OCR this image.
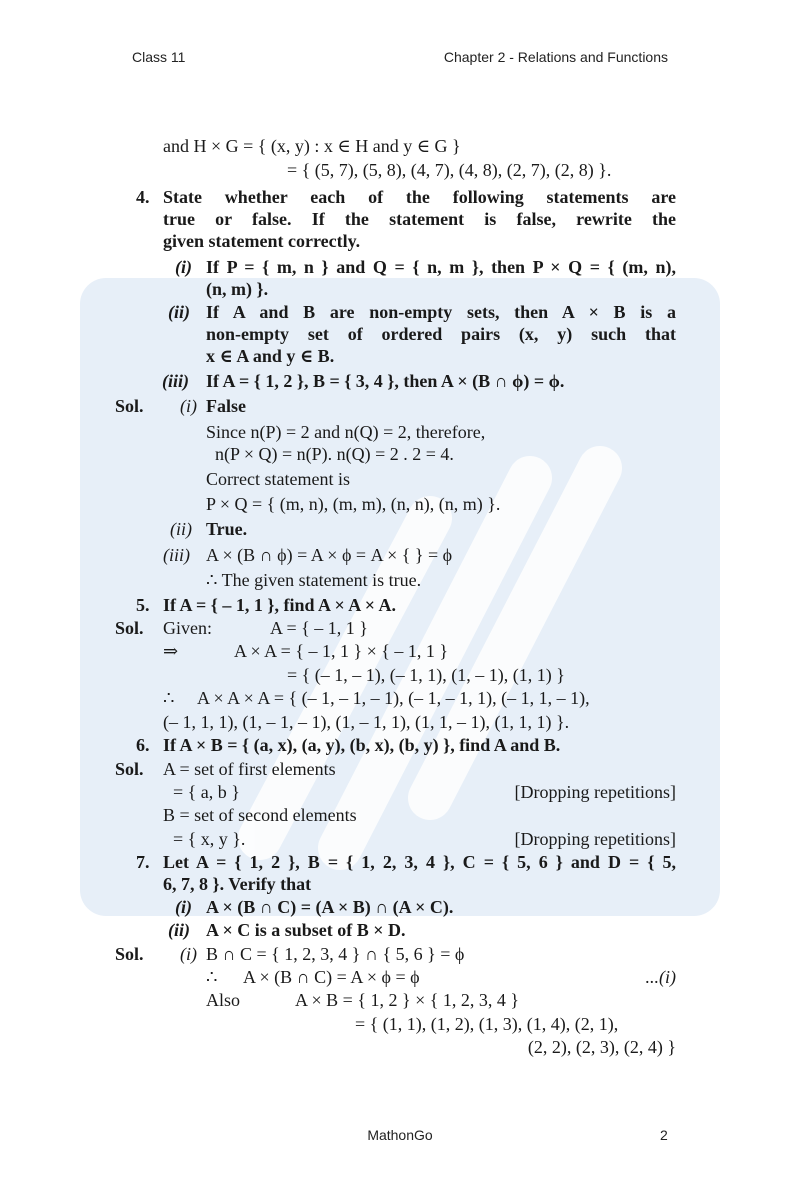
Class 11	Chapter 2 - Relations and Functions
and H × G = { (x, y) : x ∈ H and y ∈ G }
= { (5, 7), (5, 8), (4, 7), (4, 8), (2, 7), (2, 8) }.
4. State whether each of the following statements are
true or false. If the statement is false, rewrite the
given statement correctly.
(i) If P = { m, n } and Q = { n, m }, then P × Q = { (m, n),
(n, m) }.
(ii) If A and B are non-empty sets, then A × B is a
non-empty set of ordered pairs (x, y) such that
x ∈ A and y ∈ B.
(iii) If A = { 1, 2 }, B = { 3, 4 }, then A × (B ∩ ϕ) = ϕ.
Sol. (i) False
Since n(P) = 2 and n(Q) = 2, therefore,
n(P × Q) = n(P). n(Q) = 2 . 2 = 4.
Correct statement is
P × Q = { (m, n), (m, m), (n, n), (n, m) }.
(ii) True.
(iii) A × (B ∩ ϕ) = A × ϕ = A × { } = ϕ
∴ The given statement is true.
5. If A = { – 1, 1 }, find A × A × A.
Sol. Given:	A = { – 1, 1 }
⇒	A × A = { – 1, 1 } × { – 1, 1 }
= { (– 1, – 1), (– 1, 1), (1, – 1), (1, 1) }
∴ A × A × A = { (– 1, – 1, – 1), (– 1, – 1, 1), (– 1, 1, – 1),
(– 1, 1, 1), (1, – 1, – 1), (1, – 1, 1), (1, 1, – 1), (1, 1, 1) }.
6. If A × B = { (a, x), (a, y), (b, x), (b, y) }, find A and B.
Sol. A = set of first elements
= { a, b }	[Dropping repetitions]
B = set of second elements
= { x, y }.	[Dropping repetitions]
7. Let A = { 1, 2 }, B = { 1, 2, 3, 4 }, C = { 5, 6 } and D = { 5,
6, 7, 8 }. Verify that
(i) A × (B ∩ C) = (A × B) ∩ (A × C).
(ii) A × C is a subset of B × D.
Sol. (i) B ∩ C = { 1, 2, 3, 4 } ∩ { 5, 6 } = ϕ
∴ A × (B ∩ C) = A × ϕ = ϕ	...(i)
Also	A × B = { 1, 2 } × { 1, 2, 3, 4 }
= { (1, 1), (1, 2), (1, 3), (1, 4), (2, 1),
(2, 2), (2, 3), (2, 4) }
MathonGo	2
